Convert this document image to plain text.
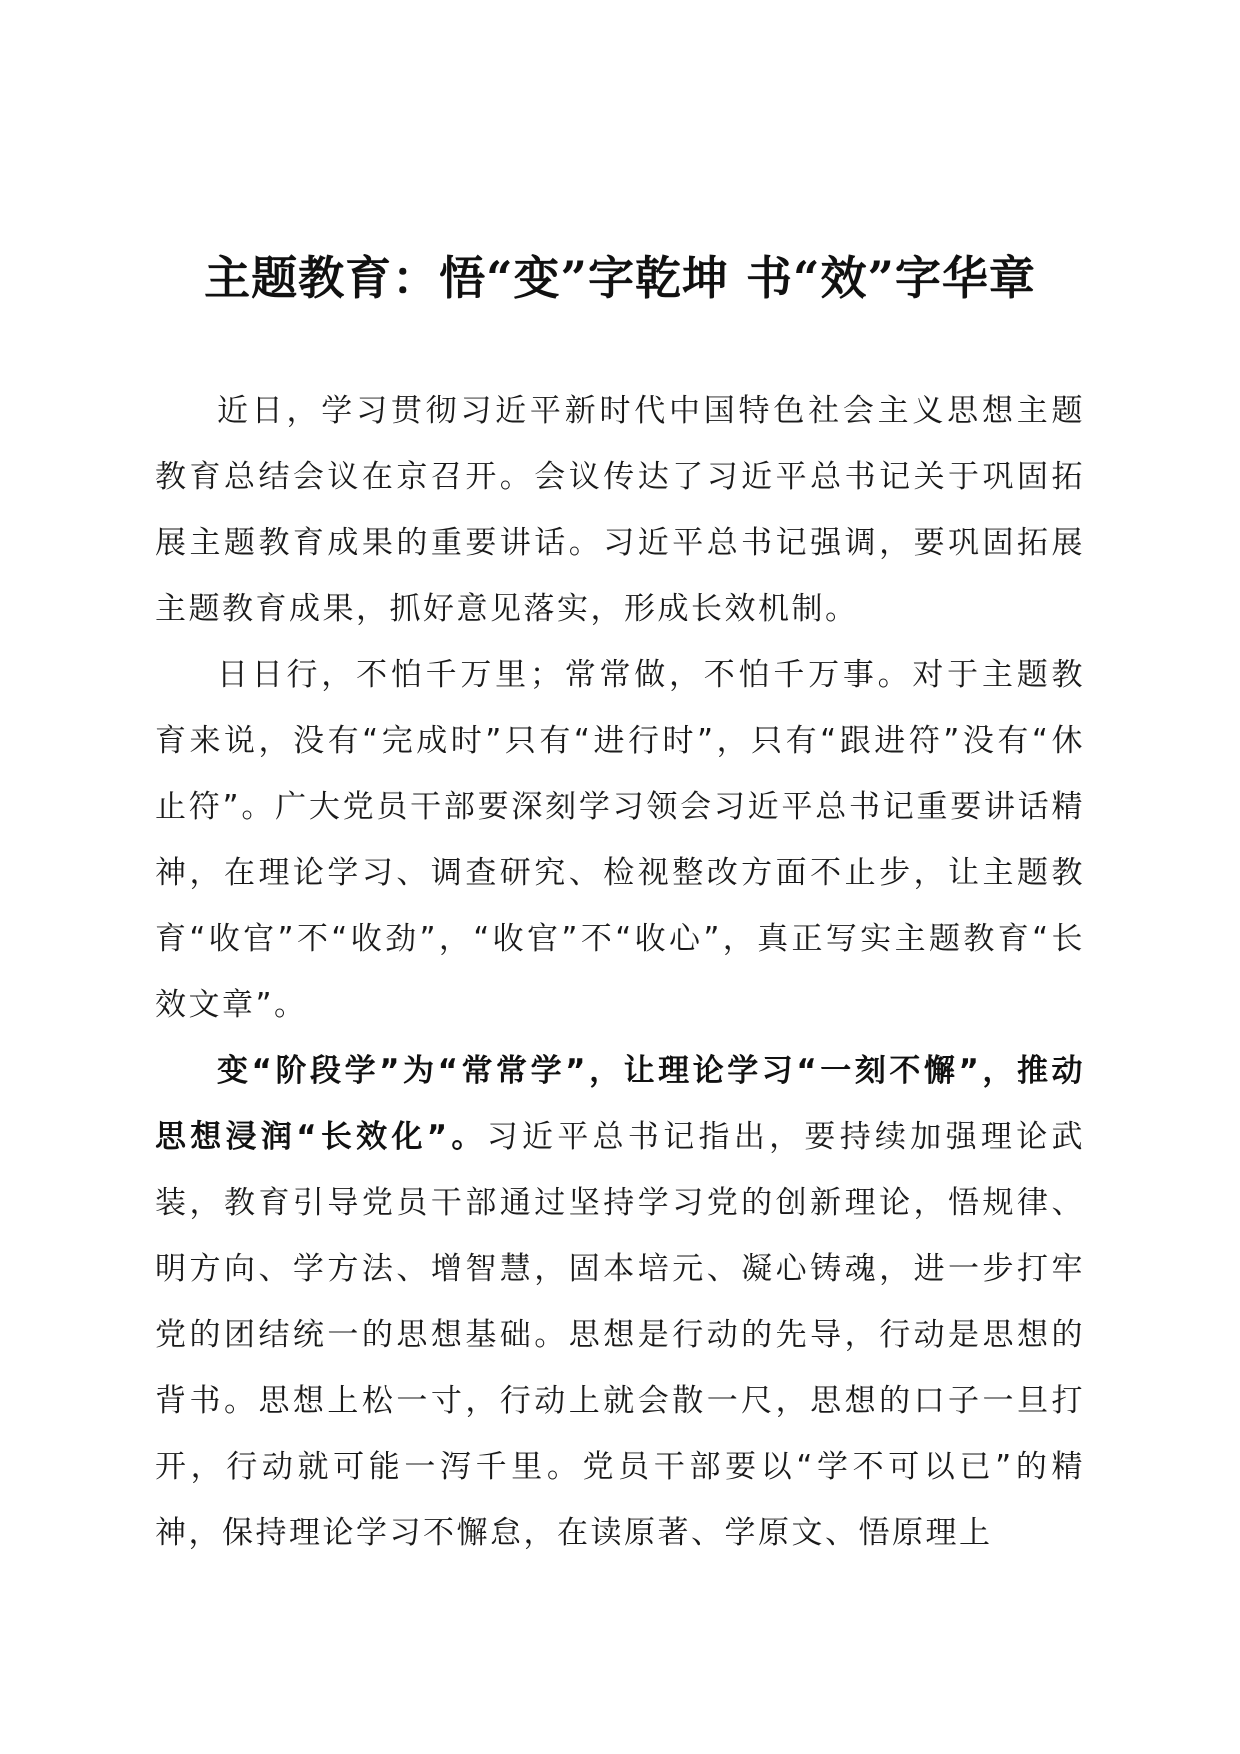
主题教育：悟“变”字乾坤 书“效”字华章

近日，学习贯彻习近平新时代中国特色社会主义思想主题教育总结会议在京召开。会议传达了习近平总书记关于巩固拓展主题教育成果的重要讲话。习近平总书记强调，要巩固拓展主题教育成果，抓好意见落实，形成长效机制。

日日行，不怕千万里；常常做，不怕千万事。对于主题教育来说，没有“完成时”只有“进行时”，只有“跟进符”没有“休止符”。广大党员干部要深刻学习领会习近平总书记重要讲话精神，在理论学习、调查研究、检视整改方面不止步，让主题教育“收官”不“收劲”，“收官”不“收心”，真正写实主题教育“长效文章”。

变“阶段学”为“常常学”，让理论学习“一刻不懈”，推动思想浸润“长效化”。习近平总书记指出，要持续加强理论武装，教育引导党员干部通过坚持学习党的创新理论，悟规律、明方向、学方法、增智慧，固本培元、凝心铸魂，进一步打牢党的团结统一的思想基础。思想是行动的先导，行动是思想的背书。思想上松一寸，行动上就会散一尺，思想的口子一旦打开，行动就可能一泻千里。党员干部要以“学不可以已”的精神，保持理论学习不懈怠，在读原著、学原文、悟原理上
